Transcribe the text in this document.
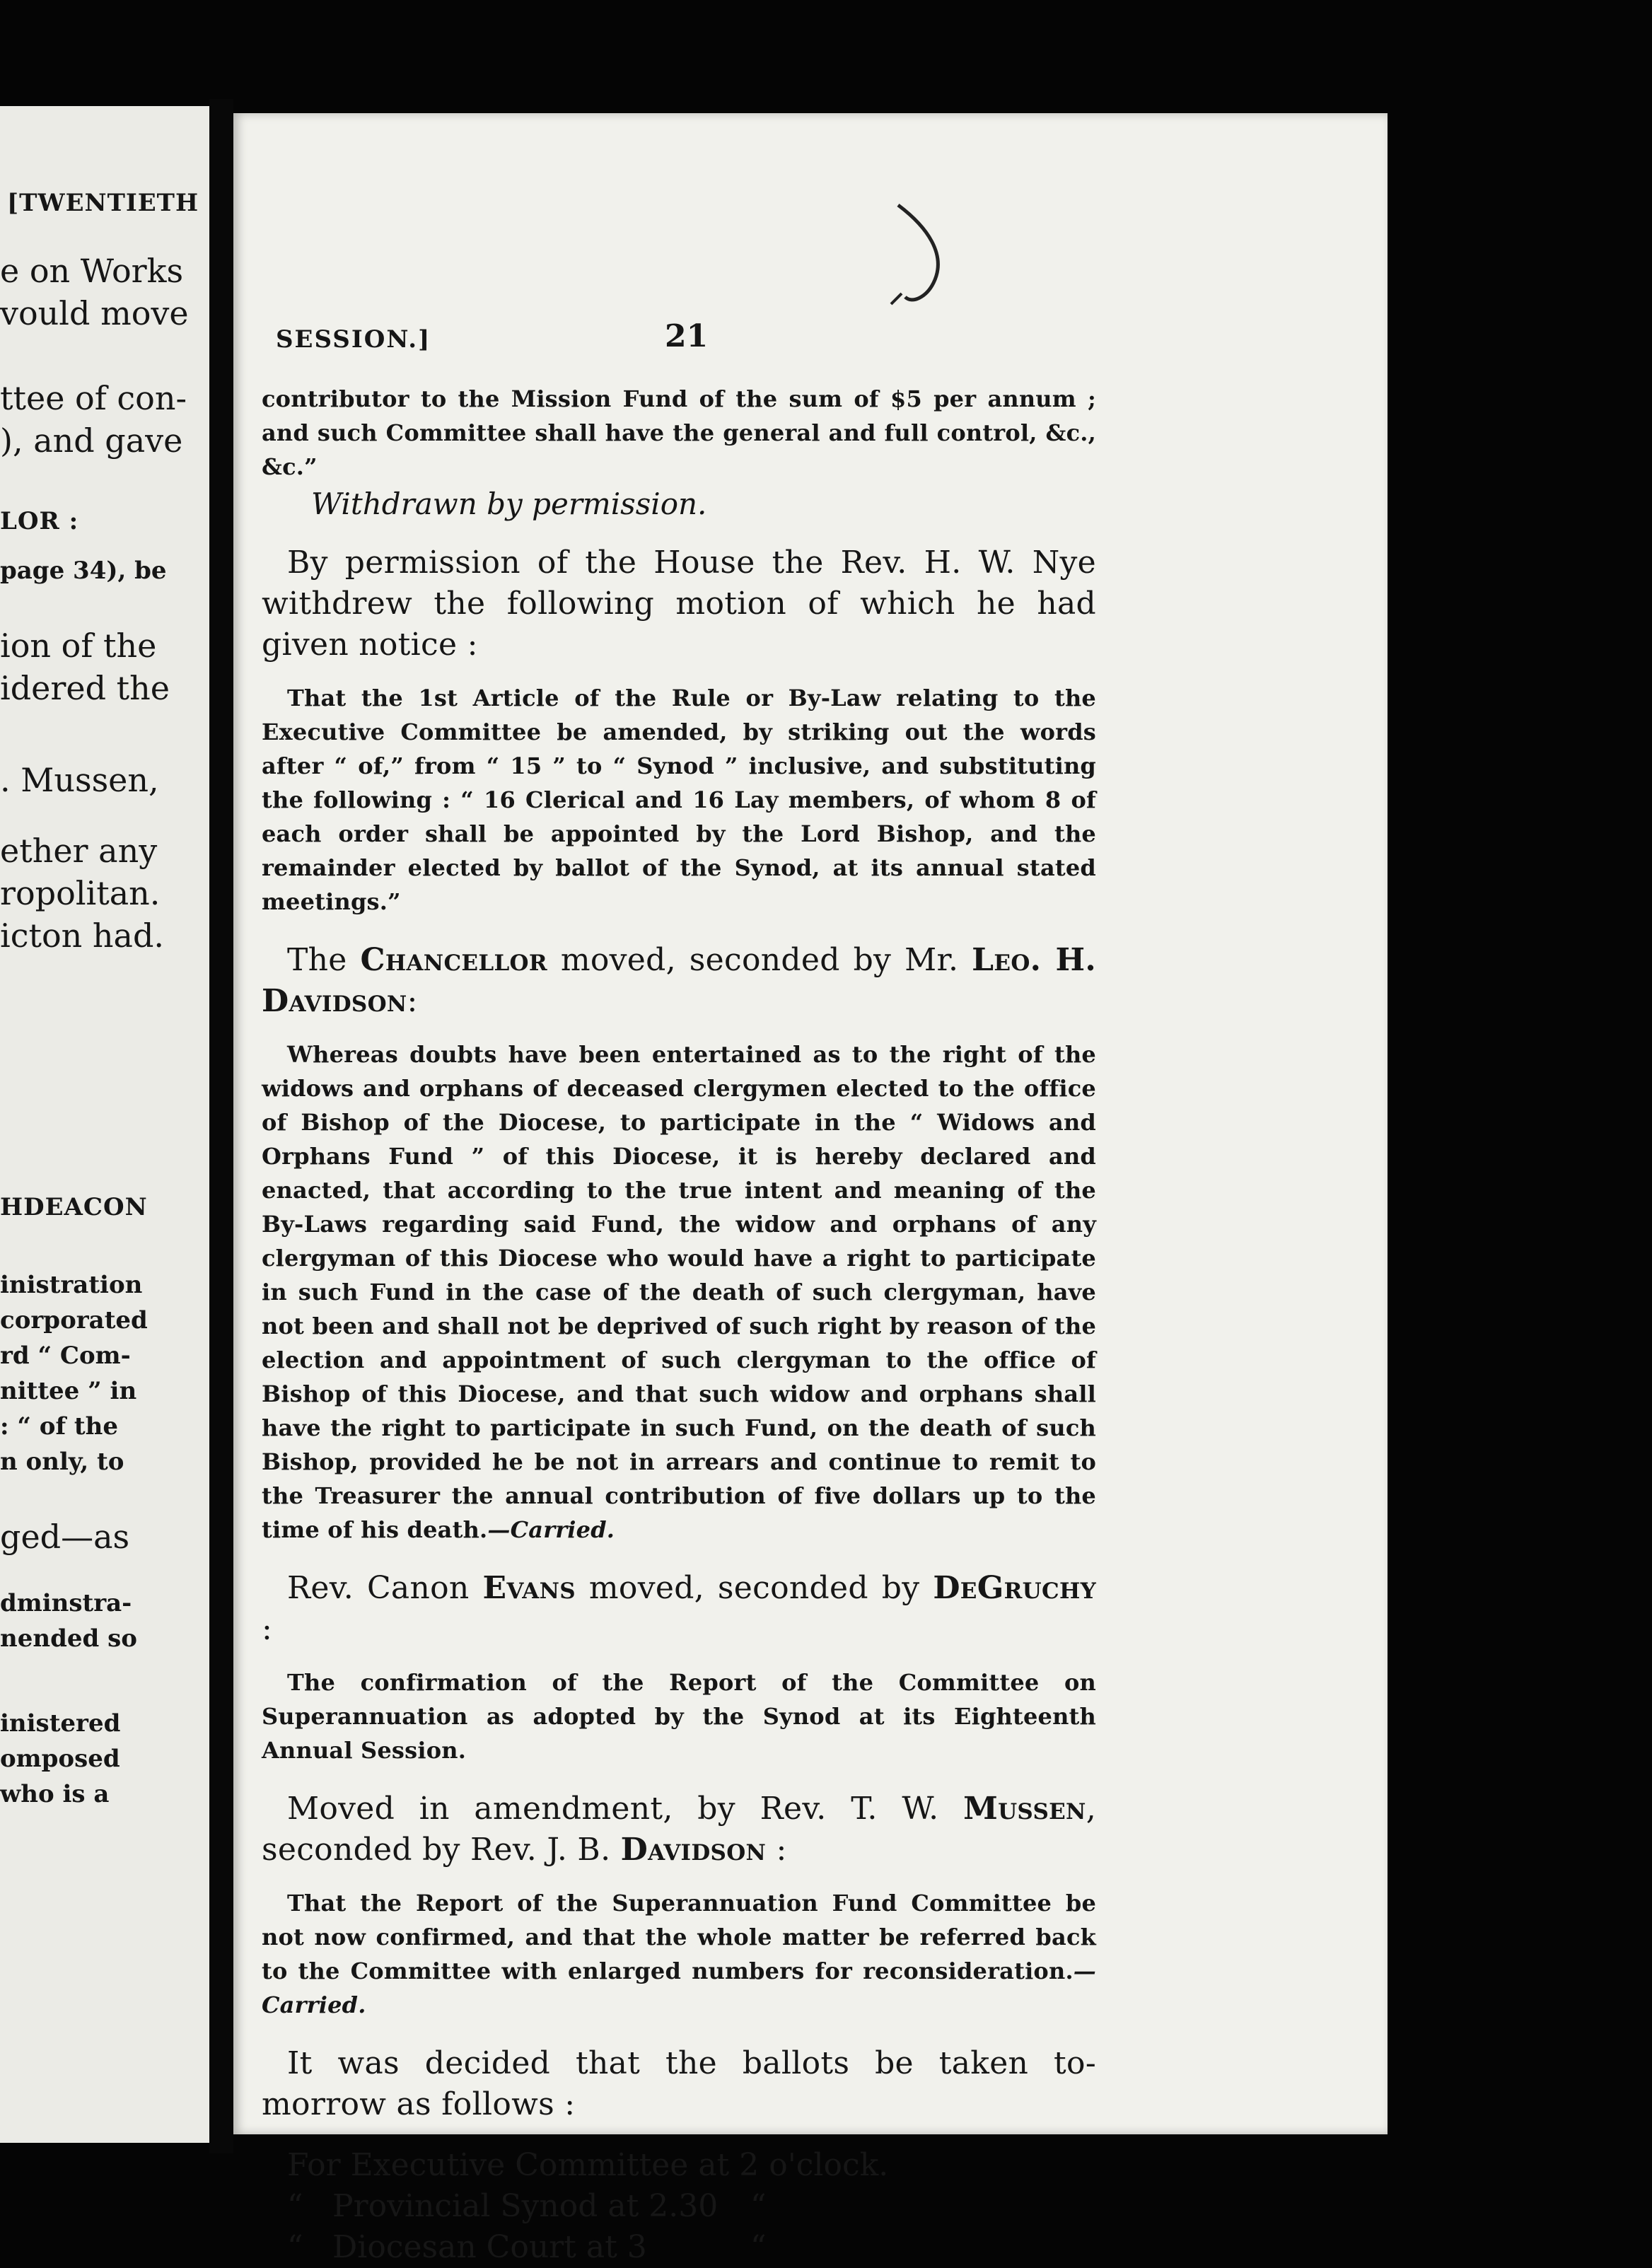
[TWENTIETH
e on Works
vould move
ttee of con-
), and gave
LOR :
page 34), be
ion of the
idered the
. Mussen,
ether any
ropolitan.
icton had.
HDEACON
inistration
corporated
rd “ Com-
nittee ” in
: “ of the
n only, to
ged—as
dminstra-
nended so
inistered
omposed
who is a
SESSION.]	21

contributor to the Mission Fund of the sum of $5 per annum ; and such Committee shall have the general and full control, &c., &c.”

Withdrawn by permission.

By permission of the House the Rev. H. W. Nye withdrew the following motion of which he had given notice :

That the 1st Article of the Rule or By-Law relating to the Executive Committee be amended, by striking out the words after “ of,” from “ 15 ” to “ Synod ” inclusive, and substituting the following : “ 16 Clerical and 16 Lay members, of whom 8 of each order shall be appointed by the Lord Bishop, and the remainder elected by ballot of the Synod, at its annual stated meetings.”

The Chancellor moved, seconded by Mr. Leo. H. Davidson:

Whereas doubts have been entertained as to the right of the widows and orphans of deceased clergymen elected to the office of Bishop of the Diocese, to participate in the “ Widows and Orphans Fund ” of this Diocese, it is hereby declared and enacted, that according to the true intent and meaning of the By-Laws regarding said Fund, the widow and orphans of any clergyman of this Diocese who would have a right to participate in such Fund in the case of the death of such clergyman, have not been and shall not be deprived of such right by reason of the election and appointment of such clergyman to the office of Bishop of this Diocese, and that such widow and orphans shall have the right to participate in such Fund, on the death of such Bishop, provided he be not in arrears and continue to remit to the Treasurer the annual contribution of five dollars up to the time of his death.—Carried.

Rev. Canon Evans moved, seconded by DeGruchy :

The confirmation of the Report of the Committee on Superannuation as adopted by the Synod at its Eighteenth Annual Session.

Moved in amendment, by Rev. T. W. Mussen, seconded by Rev. J. B. Davidson :

That the Report of the Superannuation Fund Committee be not now confirmed, and that the whole matter be referred back to the Committee with enlarged numbers for reconsideration.—Carried.

It was decided that the ballots be taken to-morrow as follows :

For Executive Committee at 2 o'clock.

“ Provincial Synod at 2.30 “

“ Diocesan Court at 3	“
